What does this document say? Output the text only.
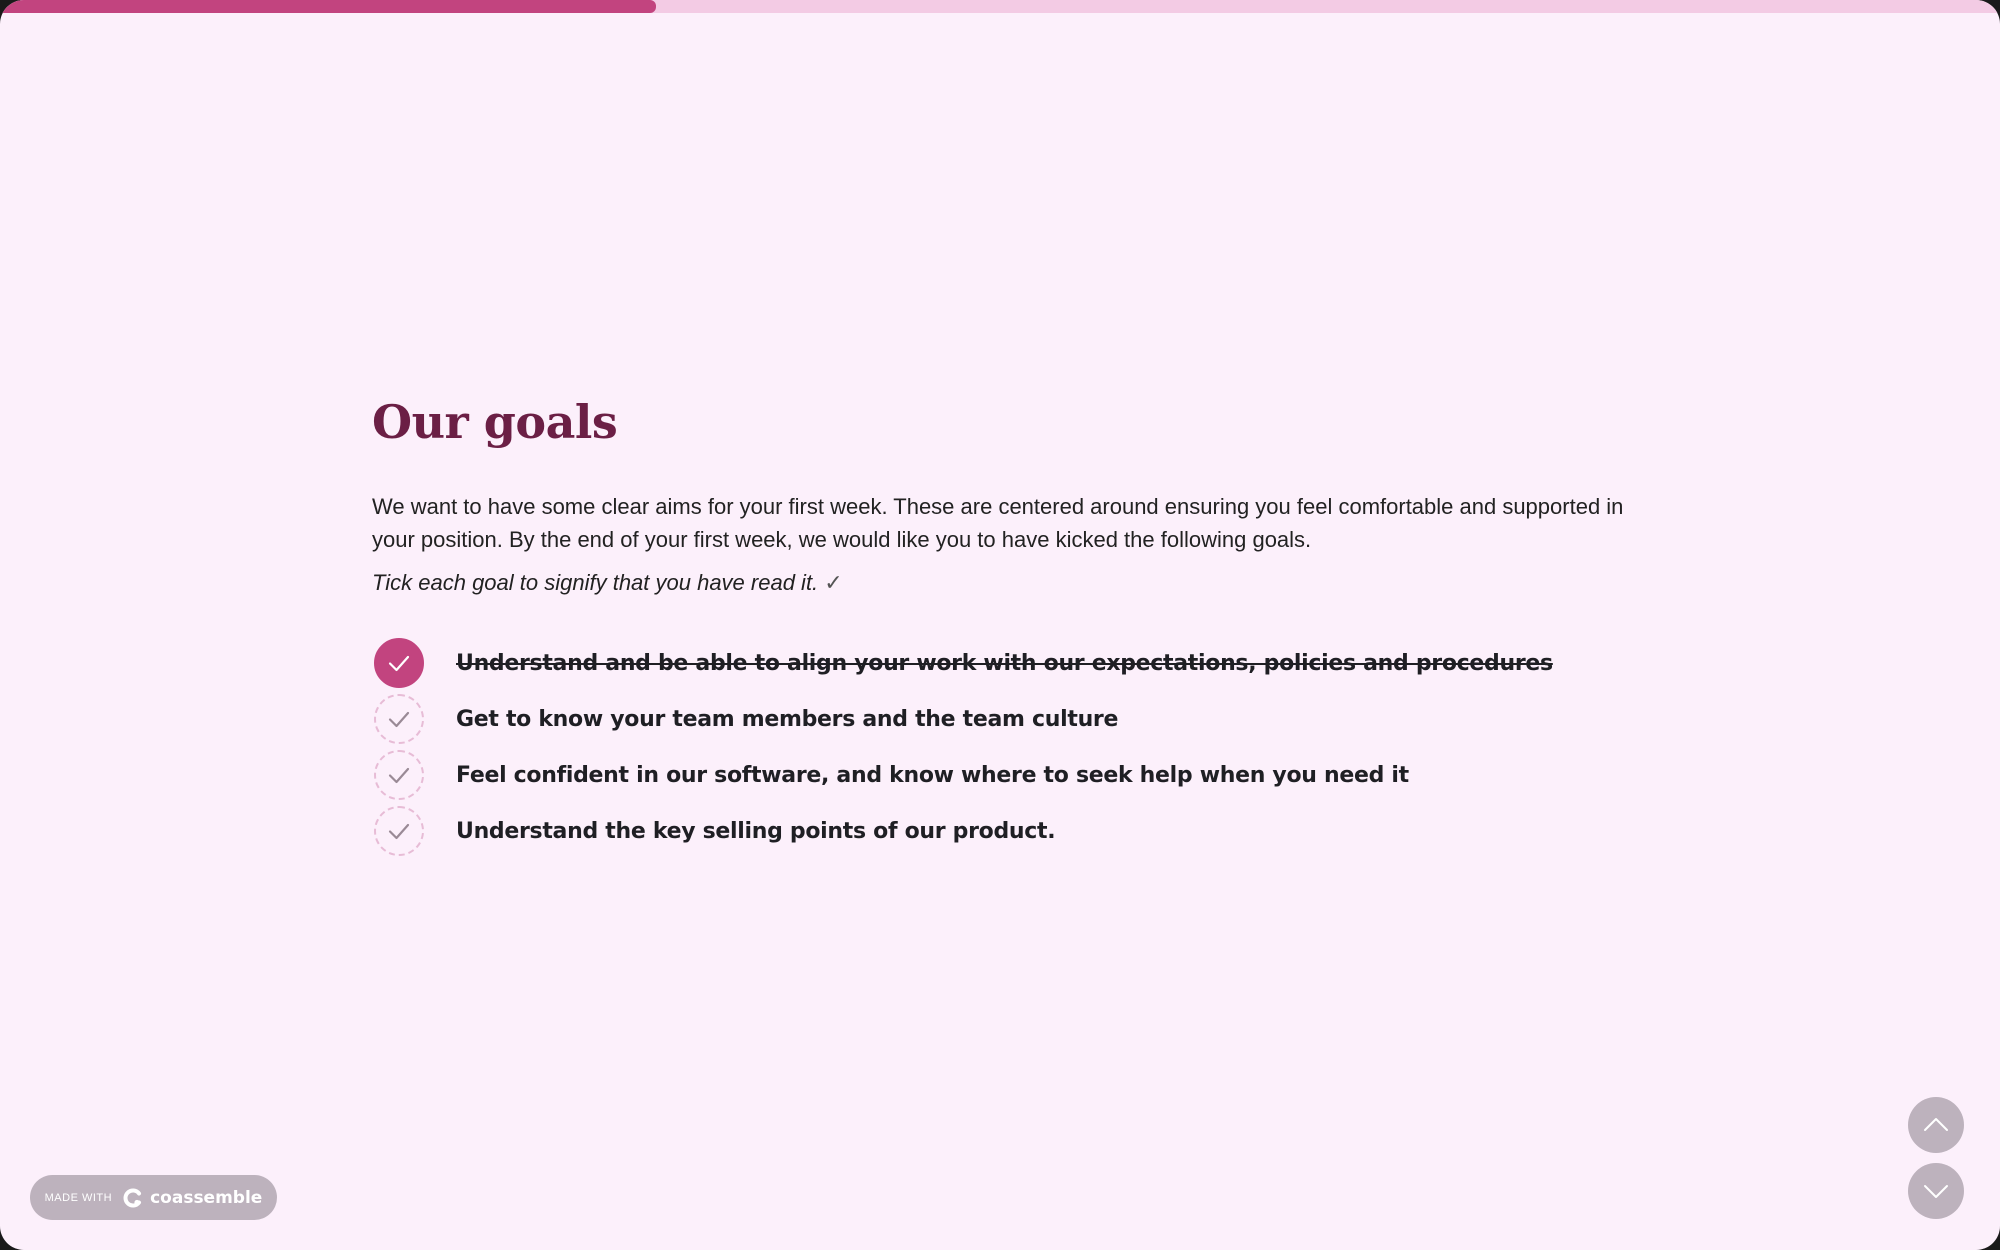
Our goals

We want to have some clear aims for your first week. These are centered around ensuring you feel comfortable and supported in your position. By the end of your first week, we would like you to have kicked the following goals.

Tick each goal to signify that you have read it. ✓

Understand and be able to align your work with our expectations, policies and procedures
Get to know your team members and the team culture
Feel confident in our software, and know where to seek help when you need it
Understand the key selling points of our product.
MADE WITH coassemble
